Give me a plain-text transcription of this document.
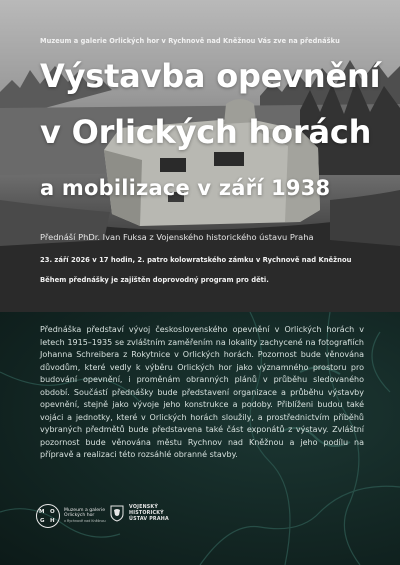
Muzeum a galerie Orlických hor v Rychnově nad Kněžnou Vás zve na přednášku
Výstavba opevnění
v Orlických horách
a mobilizace v září 1938
Přednáší PhDr. Ivan Fuksa z Vojenského historického ústavu Praha
23. září 2026 v 17 hodin, 2. patro kolowratského zámku v Rychnově nad Kněžnou
Během přednášky je zajištěn doprovodný program pro děti.
Přednáška představí vývoj československého opevnění v Orlických horách v letech 1915–1935 se zvláštním zaměřením na lokality zachycené na fotografiích Johanna Schreibera z Rokytnice v Orlických horách. Pozornost bude věnována důvodům, které vedly k výběru Orlických hor jako významného prostoru pro budování opevnění, i proměnám obranných plánů v průběhu sledovaného období. Součástí přednášky bude představení organizace a průběhu výstavby opevnění, stejně jako vývoje jeho konstrukce a podoby. Přiblíženi budou také vojáci a jednotky, které v Orlických horách sloužily, a prostřednictvím příběhů vybraných předmětů bude představena také část exponátů z výstavy. Zvláštní pozornost bude věnována městu Rychnov nad Kněžnou a jeho podílu na přípravě a realizaci této rozsáhlé obranné stavby.
M O
G H
Muzeum a galerie
Orlických hor
v Rychnově nad Kněžnou
VOJENSKÝ
HISTORICKÝ
ÚSTAV PRAHA
